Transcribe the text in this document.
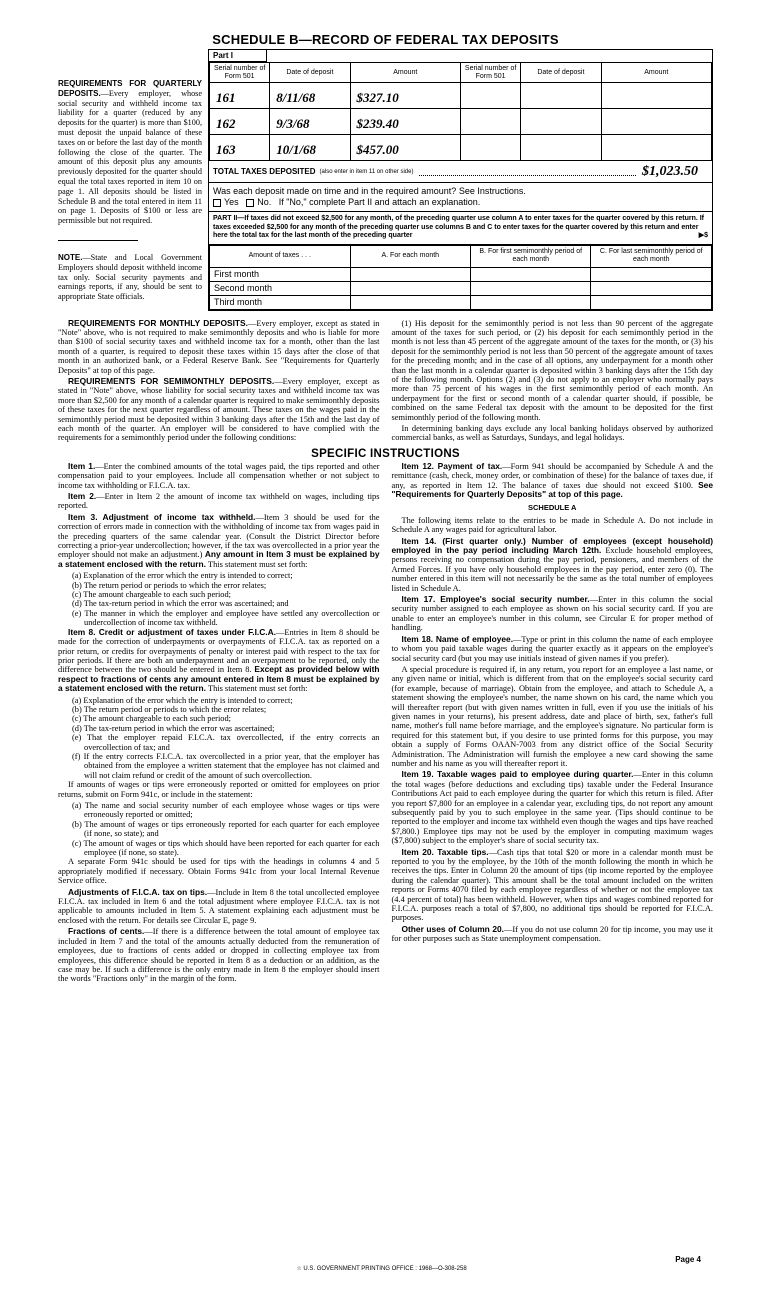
SCHEDULE B—RECORD OF FEDERAL TAX DEPOSITS
REQUIREMENTS FOR QUARTERLY DEPOSITS.—Every employer, whose social security and withheld income tax liability for a quarter (reduced by any deposits for the quarter) is more than $100, must deposit the unpaid balance of these taxes on or before the last day of the month following the close of the quarter. The amount of this deposit plus any amounts previously deposited for the quarter should equal the total taxes reported in item 10 on page 1. All deposits should be listed in Schedule B and the total entered in item 11 on page 1. Deposits of $100 or less are permissible but not required.
NOTE.—State and Local Government Employers should deposit withheld income tax only. Social security payments and earnings reports, if any, should be sent to appropriate State officials.
Part I
Serial number of Form 501	Date of deposit	Amount	Serial number of Form 501	Date of deposit	Amount
161	8/11/68	$327.10			
162	9/3/68	$239.40			
163	10/1/68	$457.00			
TOTAL TAXES DEPOSITED (also enter in item 11 on other side)	$1,023.50
Was each deposit made on time and in the required amount? See Instructions.
Yes No. If "No," complete Part II and attach an explanation.
PART II—If taxes did not exceed $2,500 for any month, of the preceding quarter use column A to enter taxes for the quarter covered by this return. If taxes exceeded $2,500 for any month of the preceding quarter use columns B and C to enter taxes for the quarter covered by this return and enter here the total tax for the last month of the preceding quarter	▶$
Amount of taxes . . .	A. For each month	B. For first semimonthly period of each month	C. For last semimonthly period of each month
First month			
Second month			
Third month			

REQUIREMENTS FOR MONTHLY DEPOSITS.—Every employer, except as stated in "Note" above, who is not required to make semimonthly deposits and who is liable for more than $100 of social security taxes and withheld income tax for a month, other than the last month of a quarter, is required to deposit these taxes within 15 days after the close of that month in an authorized bank, or a Federal Reserve Bank. See "Requirements for Quarterly Deposits" at top of this page.

REQUIREMENTS FOR SEMIMONTHLY DEPOSITS.—Every employer, except as stated in "Note" above, whose liability for social security taxes and withheld income tax was more than $2,500 for any month of a calendar quarter is required to make semimonthly deposits of these taxes for the next quarter regardless of amount. These taxes on the wages paid in the semimonthly period must be deposited within 3 banking days after the 15th and the last day of each month of the quarter. An employer will be considered to have complied with the requirements for a semimonthly period under the following conditions:

(1) His deposit for the semimonthly period is not less than 90 percent of the aggregate amount of the taxes for such period, or (2) his deposit for each semimonthly period in the month is not less than 45 percent of the aggregate amount of the taxes for the month, or (3) his deposit for the semimonthly period is not less than 50 percent of the aggregate amount of taxes for the preceding month; and in the case of all options, any underpayment for a month other than the last month in a calendar quarter is deposited within 3 banking days after the 15th day of the following month. Options (2) and (3) do not apply to an employer who normally pays more than 75 percent of his wages in the first semimonthly period of each month. An underpayment for the first or second month of a calendar quarter should, if possible, be combined on the same Federal tax deposit with the amount to be deposited for the first semimonthly period of the following month.

In determining banking days exclude any local banking holidays observed by authorized commercial banks, as well as Saturdays, Sundays, and legal holidays.

SPECIFIC INSTRUCTIONS

Item 1.—Enter the combined amounts of the total wages paid, the tips reported and other compensation paid to your employees. Include all compensation whether or not subject to income tax withholding or F.I.C.A. tax.

Item 2.—Enter in Item 2 the amount of income tax withheld on wages, including tips reported.

Item 3. Adjustment of income tax withheld.—Item 3 should be used for the correction of errors made in connection with the withholding of income tax from wages paid in the preceding quarters of the same calendar year. (Consult the District Director before correcting a prior-year undercollection; however, if the tax was overcollected in a prior year the employer should not make an adjustment.) Any amount in Item 3 must be explained by a statement enclosed with the return. This statement must set forth:

(a) Explanation of the error which the entry is intended to correct;
(b) The return period or periods to which the error relates;
(c) The amount chargeable to each such period;
(d) The tax-return period in which the error was ascertained; and
(e) The manner in which the employer and employee have settled any overcollection or undercollection of income tax withheld.

Item 8. Credit or adjustment of taxes under F.I.C.A.—Entries in Item 8 should be made for the correction of underpayments or overpayments of F.I.C.A. tax as reported on a prior return, or credits for overpayments of penalty or interest paid with respect to the tax for prior periods. If there are both an underpayment and an overpayment to be reported, only the difference between the two should be entered in Item 8. Except as provided below with respect to fractions of cents any amount entered in Item 8 must be explained by a statement enclosed with the return. This statement must set forth:

(a) Explanation of the error which the entry is intended to correct;
(b) The return period or periods to which the error relates;
(c) The amount chargeable to each such period;
(d) The tax-return period in which the error was ascertained;
(e) That the employer repaid F.I.C.A. tax overcollected, if the entry corrects an overcollection of tax; and
(f) If the entry corrects F.I.C.A. tax overcollected in a prior year, that the employer has obtained from the employee a written statement that the employee has not claimed and will not claim refund or credit of the amount of such overcollection.

If amounts of wages or tips were erroneously reported or omitted for employees on prior returns, submit on Form 941c, or include in the statement:

(a) The name and social security number of each employee whose wages or tips were erroneously reported or omitted;
(b) The amount of wages or tips erroneously reported for each quarter for each employee (if none, so state); and
(c) The amount of wages or tips which should have been reported for each quarter for each employee (if none, so state).

A separate Form 941c should be used for tips with the headings in columns 4 and 5 appropriately modified if necessary. Obtain Forms 941c from your local Internal Revenue Service office.

Adjustments of F.I.C.A. tax on tips.—Include in Item 8 the total uncollected employee F.I.C.A. tax included in Item 6 and the total adjustment where employee F.I.C.A. tax is not applicable to amounts included in Item 5. A statement explaining each adjustment must be enclosed with the return. For details see Circular E, page 9.

Fractions of cents.—If there is a difference between the total amount of employee tax included in Item 7 and the total of the amounts actually deducted from the remuneration of employees, due to fractions of cents added or dropped in collecting employee tax from employees, this difference should be reported in Item 8 as a deduction or an addition, as the case may be. If such a difference is the only entry made in Item 8 the employer should insert the words "Fractions only" in the margin of the form.

Item 12. Payment of tax.—Form 941 should be accompanied by Schedule A and the remittance (cash, check, money order, or combination of these) for the balance of taxes due, if any, as reported in Item 12. The balance of taxes due should not exceed $100. See "Requirements for Quarterly Deposits" at top of this page.

SCHEDULE A

The following items relate to the entries to be made in Schedule A. Do not include in Schedule A any wages paid for agricultural labor.

Item 14. (First quarter only.) Number of employees (except household) employed in the pay period including March 12th. Exclude household employees, persons receiving no compensation during the pay period, pensioners, and members of the Armed Forces. If you have only household employees in the pay period, enter zero (0). The number entered in this item will not necessarily be the same as the total number of employees listed in Schedule A.

Item 17. Employee's social security number.—Enter in this column the social security number assigned to each employee as shown on his social security card. If you are unable to enter an employee's number in this column, see Circular E for proper method of handling.

Item 18. Name of employee.—Type or print in this column the name of each employee to whom you paid taxable wages during the quarter exactly as it appears on the employee's social security card (but you may use initials instead of given names if you prefer).

A special procedure is required if, in any return, you report for an employee a last name, or any given name or initial, which is different from that on the employee's social security card (for example, because of marriage). Obtain from the employee, and attach to Schedule A, a statement showing the employee's number, the name shown on his card, the name which you will thereafter report (but with given names written in full, even if you use the initials of his given names in your returns), his present address, date and place of birth, sex, father's full name, mother's full name before marriage, and the employee's signature. No particular form is required for this statement but, if you desire to use printed forms for this purpose, you may obtain a supply of Forms OAAN-7003 from any district office of the Social Security Administration. The Administration will furnish the employee a new card showing the same number and his name as you will thereafter report it.

Item 19. Taxable wages paid to employee during quarter.—Enter in this column the total wages (before deductions and excluding tips) taxable under the Federal Insurance Contributions Act paid to each employee during the quarter for which this return is filed. After you report $7,800 for an employee in a calendar year, excluding tips, do not report any amount subsequently paid by you to such employee in the same year. (Tips should continue to be reported to the employer and income tax withheld even though the wages and tips have reached $7,800.) Employee tips may not be used by the employer in computing maximum wages ($7,800) subject to the employer's share of social security tax.

Item 20. Taxable tips.—Cash tips that total $20 or more in a calendar month must be reported to you by the employee, by the 10th of the month following the month in which he receives the tips. Enter in Column 20 the amount of tips (tip income reported by the employee during the calendar quarter). This amount shall be the total amount included on the written reports or Forms 4070 filed by each employee regardless of whether or not the employee tax (4.4 percent of total) has been withheld. However, when tips and wages combined reported for F.I.C.A. purposes reach a total of $7,800, no additional tips should be reported for F.I.C.A. purposes.

Other uses of Column 20.—If you do not use column 20 for tip income, you may use it for other purposes such as State unemployment compensation.

Page 4
☆ U.S. GOVERNMENT PRINTING OFFICE : 1968—O-308-258
